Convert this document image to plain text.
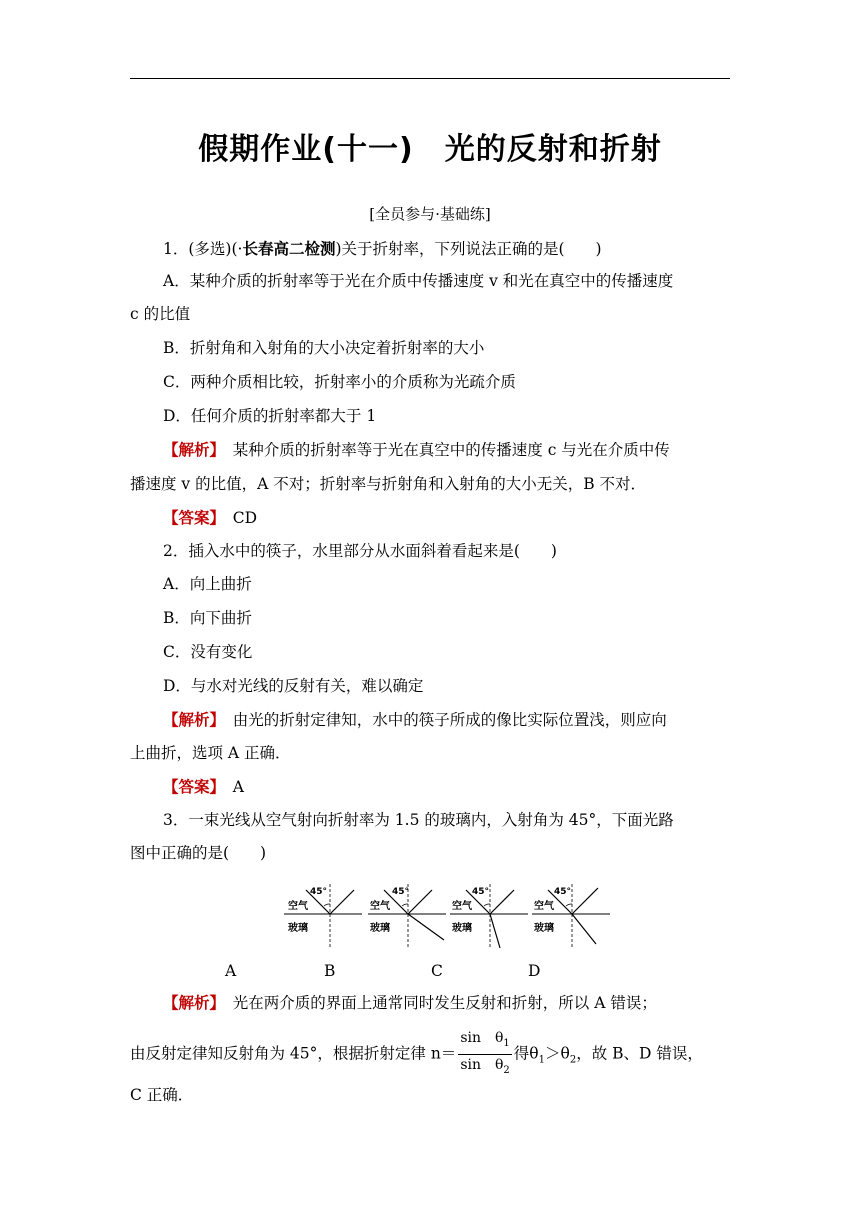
假期作业(十一)　光的反射和折射
[全员参与·基础练]
1．(多选)(·长春高二检测)关于折射率，下列说法正确的是(　　)
A．某种介质的折射率等于光在介质中传播速度 v 和光在真空中的传播速度
c 的比值
B．折射角和入射角的大小决定着折射率的大小
C．两种介质相比较，折射率小的介质称为光疏介质
D．任何介质的折射率都大于 1
【解析】　某种介质的折射率等于光在真空中的传播速度 c 与光在介质中传
播速度 v 的比值，A 不对；折射率与折射角和入射角的大小无关，B 不对．
【答案】　CD
2．插入水中的筷子，水里部分从水面斜着看起来是(　　)
A．向上曲折
B．向下曲折
C．没有变化
D．与水对光线的反射有关，难以确定
【解析】　由光的折射定律知，水中的筷子所成的像比实际位置浅，则应向
上曲折，选项 A 正确．
【答案】　A
3．一束光线从空气射向折射率为 1.5 的玻璃内，入射角为 45°，下面光路
图中正确的是(　　)
45°
空气
玻璃
45°
空气
玻璃
45°
空气
玻璃
45°
空气
玻璃
A	B	C	D
【解析】　光在两介质的界面上通常同时发生反射和折射，所以 A 错误；
由反射定律知反射角为 45°，根据折射定律 $n= \frac{\sin \theta_1}{\sin \theta_2}$ 得$\theta_1>\theta_2$，故 B、D 错误，
C 正确．
